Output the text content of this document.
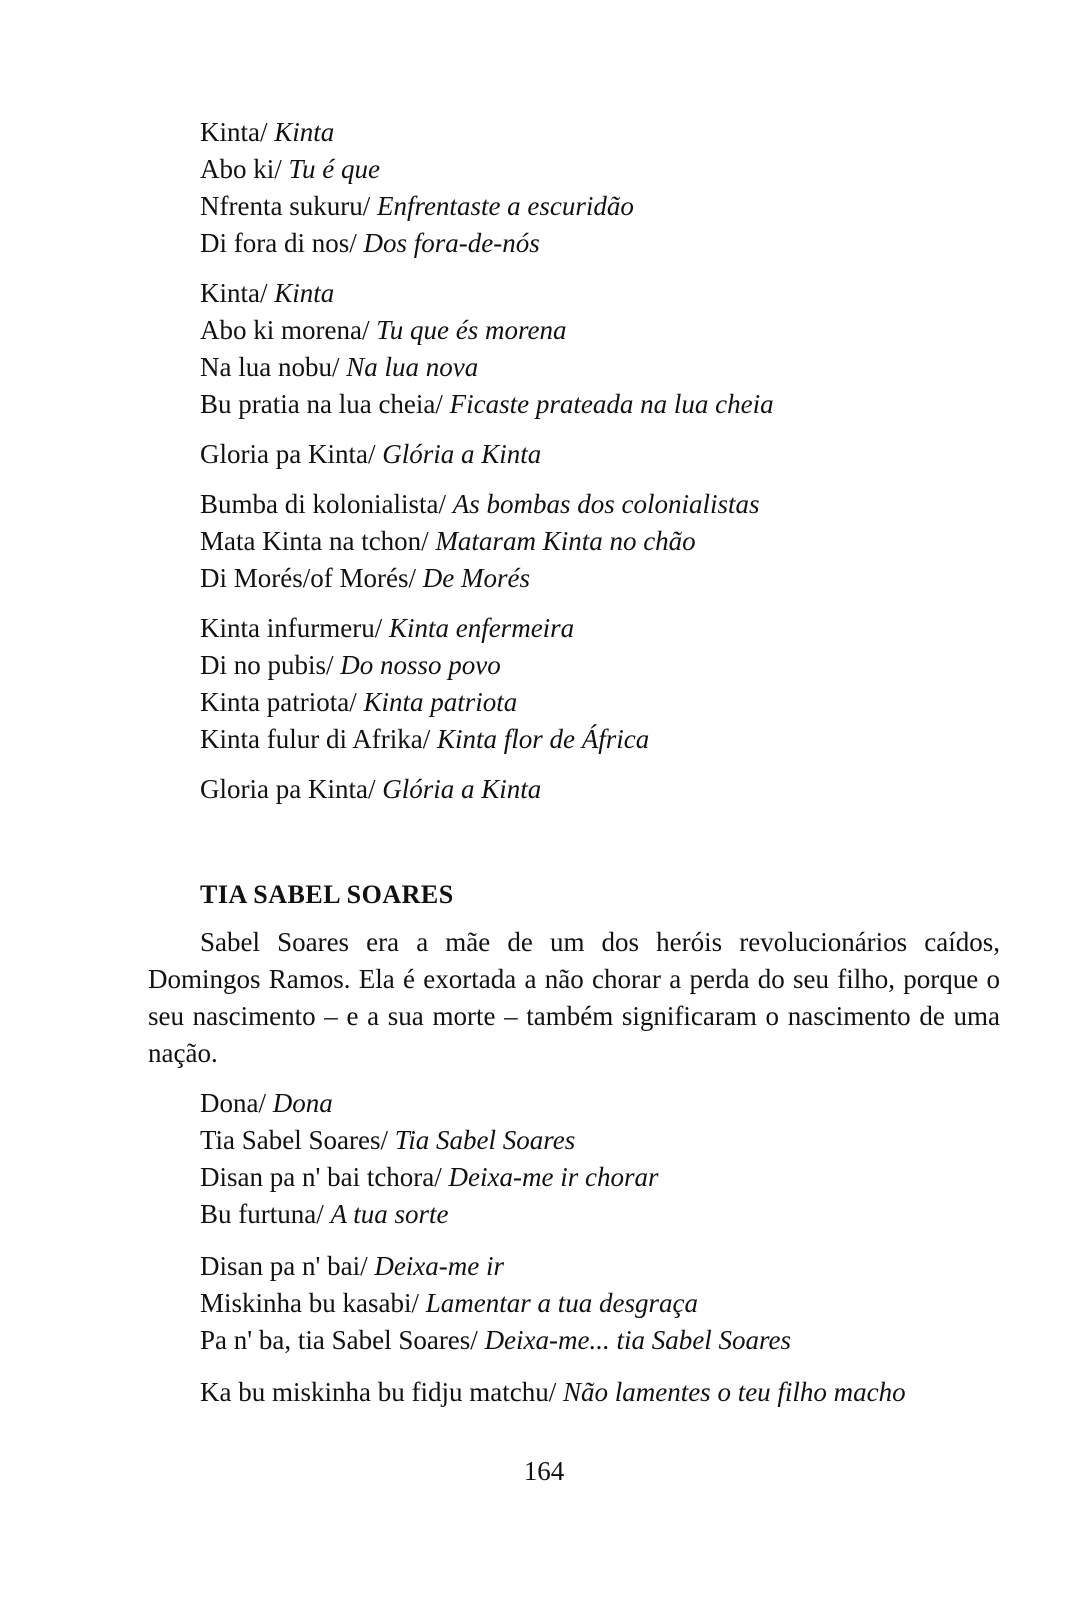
Kinta/ Kinta
Abo ki/ Tu é que
Nfrenta sukuru/ Enfrentaste a escuridão
Di fora di nos/ Dos fora-de-nós
Kinta/ Kinta
Abo ki morena/ Tu que és morena
Na lua nobu/ Na lua nova
Bu pratia na lua cheia/ Ficaste prateada na lua cheia
Gloria pa Kinta/ Glória a Kinta
Bumba di kolonialista/ As bombas dos colonialistas
Mata Kinta na tchon/ Mataram Kinta no chão
Di Morés/of Morés/ De Morés
Kinta infurmeru/ Kinta enfermeira
Di no pubis/ Do nosso povo
Kinta patriota/ Kinta patriota
Kinta fulur di Afrika/ Kinta flor de África
Gloria pa Kinta/ Glória a Kinta
TIA SABEL SOARES

Sabel Soares era a mãe de um dos heróis revolucionários caídos, Domingos Ramos. Ela é exortada a não chorar a perda do seu filho, porque o seu nascimento – e a sua morte – também significaram o nascimento de uma nação.

Dona/ Dona
Tia Sabel Soares/ Tia Sabel Soares
Disan pa n' bai tchora/ Deixa-me ir chorar
Bu furtuna/ A tua sorte
Disan pa n' bai/ Deixa-me ir
Miskinha bu kasabi/ Lamentar a tua desgraça
Pa n' ba, tia Sabel Soares/ Deixa-me... tia Sabel Soares
Ka bu miskinha bu fidju matchu/ Não lamentes o teu filho macho
164
